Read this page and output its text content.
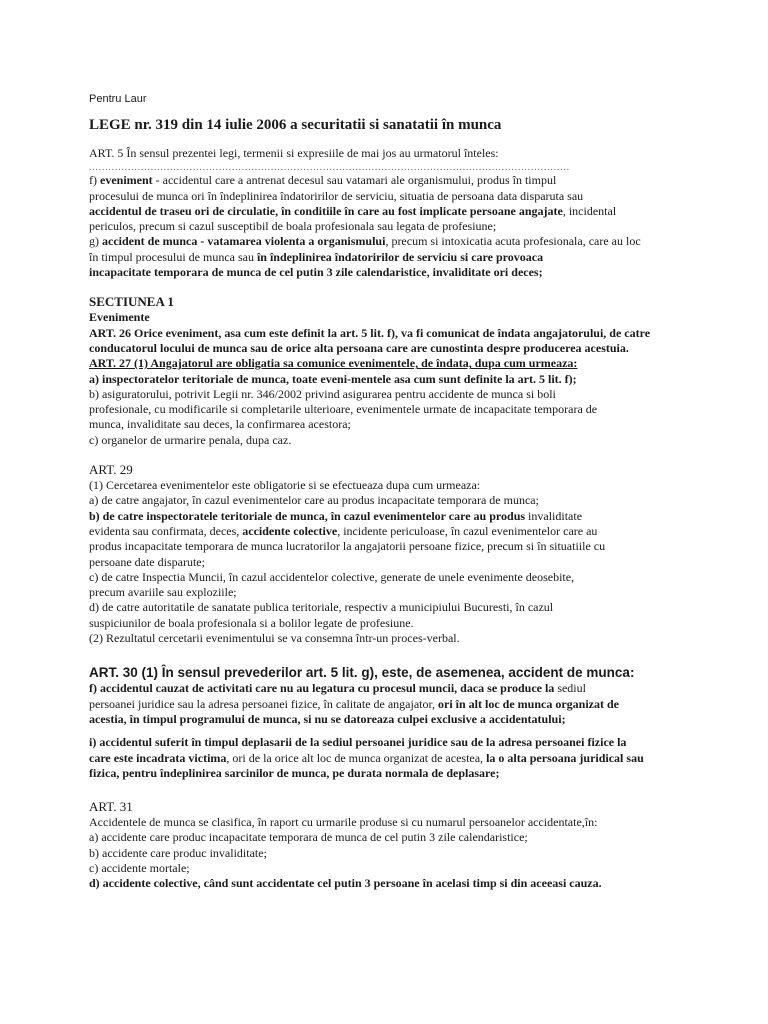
Pentru Laur
LEGE nr. 319 din 14 iulie 2006 a securitatii si sanatatii în munca
ART. 5 În sensul prezentei legi, termenii si expresiile de mai jos au urmatorul înteles:
....................................................................................................................................................
f) eveniment - accidentul care a antrenat decesul sau vatamari ale organismului, produs în timpul
procesului de munca ori în îndeplinirea îndatoririlor de serviciu, situatia de persoana data disparuta sau
accidentul de traseu ori de circulatie, în conditiile în care au fost implicate persoane angajate, incidental
periculos, precum si cazul susceptibil de boala profesionala sau legata de profesiune;
g) accident de munca - vatamarea violenta a organismului, precum si intoxicatia acuta profesionala, care au loc
în timpul procesului de munca sau în îndeplinirea îndatoririlor de serviciu si care provoaca
incapacitate temporara de munca de cel putin 3 zile calendaristice, invaliditate ori deces;
SECTIUNEA 1
Evenimente
ART. 26 Orice eveniment, asa cum este definit la art. 5 lit. f), va fi comunicat de îndata angajatorului, de catre
conducatorul locului de munca sau de orice alta persoana care are cunostinta despre producerea acestuia.
ART. 27 (1) Angajatorul are obligatia sa comunice evenimentele, de îndata, dupa cum urmeaza:
a) inspectoratelor teritoriale de munca, toate eveni-mentele asa cum sunt definite la art. 5 lit. f);
b) asiguratorului, potrivit Legii nr. 346/2002 privind asigurarea pentru accidente de munca si boli
profesionale, cu modificarile si completarile ulterioare, evenimentele urmate de incapacitate temporara de
munca, invaliditate sau deces, la confirmarea acestora;
c) organelor de urmarire penala, dupa caz.
ART. 29
(1) Cercetarea evenimentelor este obligatorie si se efectueaza dupa cum urmeaza:
a) de catre angajator, în cazul evenimentelor care au produs incapacitate temporara de munca;
b) de catre inspectoratele teritoriale de munca, în cazul evenimentelor care au produs invaliditate
evidenta sau confirmata, deces, accidente colective, incidente periculoase, în cazul evenimentelor care au
produs incapacitate temporara de munca lucratorilor la angajatorii persoane fizice, precum si în situatiile cu
persoane date disparute;
c) de catre Inspectia Muncii, în cazul accidentelor colective, generate de unele evenimente deosebite,
precum avariile sau exploziile;
d) de catre autoritatile de sanatate publica teritoriale, respectiv a municipiului Bucuresti, în cazul
suspiciunilor de boala profesionala si a bolilor legate de profesiune.
(2) Rezultatul cercetarii evenimentului se va consemna într-un proces-verbal.
ART. 30 (1) În sensul prevederilor art. 5 lit. g), este, de asemenea, accident de munca:
f) accidentul cauzat de activitati care nu au legatura cu procesul muncii, daca se produce la sediul
persoanei juridice sau la adresa persoanei fizice, în calitate de angajator, ori în alt loc de munca organizat de
acestia, în timpul programului de munca, si nu se datoreaza culpei exclusive a accidentatului;
i) accidentul suferit în timpul deplasarii de la sediul persoanei juridice sau de la adresa persoanei fizice la
care este incadrata victima, ori de la orice alt loc de munca organizat de acestea, la o alta persoana juridical sau
fizica, pentru îndeplinirea sarcinilor de munca, pe durata normala de deplasare;
ART. 31
Accidentele de munca se clasifica, în raport cu urmarile produse si cu numarul persoanelor accidentate,în:
a) accidente care produc incapacitate temporara de munca de cel putin 3 zile calendaristice;
b) accidente care produc invaliditate;
c) accidente mortale;
d) accidente colective, când sunt accidentate cel putin 3 persoane în acelasi timp si din aceeasi cauza.
